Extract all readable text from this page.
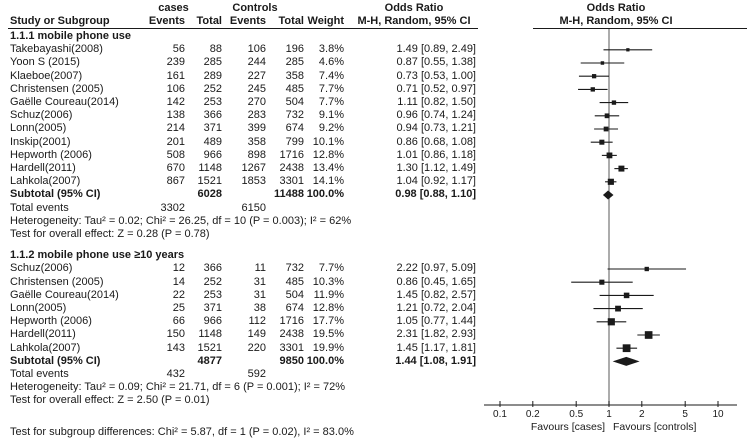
cases	Controls	Odds Ratio	Odds Ratio
Study or Subgroup	Events	Total Events	Total Weight	M-H, Random, 95% CI	M-H, Random, 95% CI
1.1.1 mobile phone use
Takebayashi(2008)	56	88	106	196	3.8%	1.49 [0.89, 2.49]
Yoon S (2015)	239	285	244	285	4.6%	0.87 [0.55, 1.38]
Klaeboe(2007)	161	289	227	358	7.4%	0.73 [0.53, 1.00]
Christensen (2005)	106	252	245	485	7.7%	0.71 [0.52, 0.97]
Gaëlle Coureau(2014)	142	253	270	504	7.7%	1.11 [0.82, 1.50]
Schuz(2006)	138	366	283	732	9.1%	0.96 [0.74, 1.24]
Lonn(2005)	214	371	399	674	9.2%	0.94 [0.73, 1.21]
Inskip(2001)	201	489	358	799 10.1%	0.86 [0.68, 1.08]
Hepworth (2006)	508	966	898	1716 12.8%	1.01 [0.86, 1.18]
Hardell(2011)	670	1148	1267	2438 13.4%	1.30 [1.12, 1.49]
Lahkola(2007)	867	1521	1853	3301 14.1%	1.04 [0.92, 1.17]
Subtotal (95% CI)	6028	11488 100.0%	0.98 [0.88, 1.10]
Total events	3302	6150
Heterogeneity: Tau² = 0.02; Chi² = 26.25, df = 10 (P = 0.003); I² = 62%
Test for overall effect: Z = 0.28 (P = 0.78)
1.1.2 mobile phone use ≥10 years
Schuz(2006)	12	366	11	732	7.7%	2.22 [0.97, 5.09]
Christensen (2005)	14	252	31	485 10.3%	0.86 [0.45, 1.65]
Gaëlle Coureau(2014)	22	253	31	504 11.9%	1.45 [0.82, 2.57]
Lonn(2005)	25	371	38	674 12.8%	1.21 [0.72, 2.04]
Hepworth (2006)	66	966	112	1716 17.7%	1.05 [0.77, 1.44]
Hardell(2011)	150	1148	149	2438 19.5%	2.31 [1.82, 2.93]
Lahkola(2007)	143	1521	220	3301 19.9%	1.45 [1.17, 1.81]
Subtotal (95% CI)	4877	9850 100.0%	1.44 [1.08, 1.91]
Total events	432	592
Heterogeneity: Tau² = 0.09; Chi² = 21.71, df = 6 (P = 0.001); I² = 72%
Test for overall effect: Z = 2.50 (P = 0.01)
Test for subgroup differences: Chi² = 5.87, df = 1 (P = 0.02), I² = 83.0%
0.1 0.2	0.5 1	2	5 10
Favours [cases] Favours [controls]
